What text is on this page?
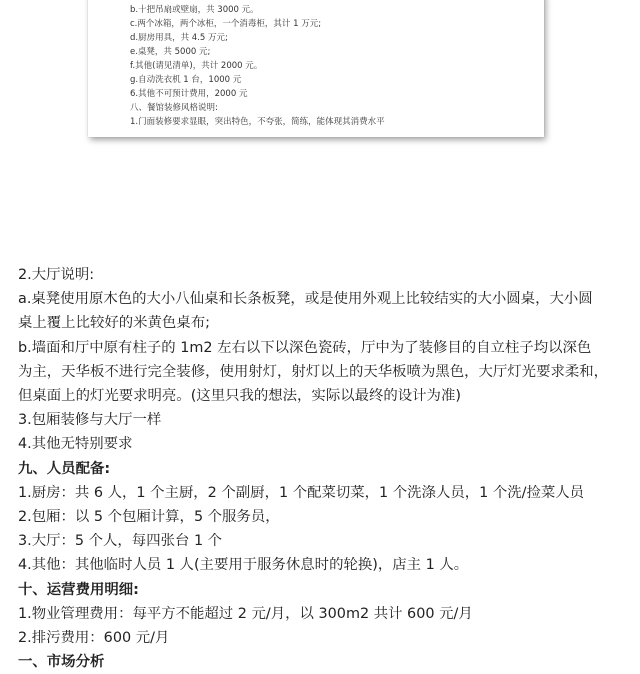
b.十把吊扇或壁扇，共 3000 元。
c.两个冰箱，两个冰柜，一个消毒柜，其计 1 万元;
d.厨房用具，共 4.5 万元;
e.桌凳，共 5000 元;
f.其他(请见清单)，共计 2000 元。
g.自动洗衣机 1 台，1000 元
6.其他不可预计费用，2000 元
八、餐馆装修风格说明:
1.门面装修要求显眼，突出特色，不夸张，简练，能体现其消费水平
2.大厅说明:
a.桌凳使用原木色的大小八仙桌和长条板凳，或是使用外观上比较结实的大小圆桌，大小圆
桌上覆上比较好的米黄色桌布;
b.墙面和厅中原有柱子的 1m2 左右以下以深色瓷砖，厅中为了装修目的自立柱子均以深色
为主，天华板不进行完全装修，使用射灯，射灯以上的天华板喷为黑色，大厅灯光要求柔和，
但桌面上的灯光要求明亮。(这里只我的想法，实际以最终的设计为准)
3.包厢装修与大厅一样
4.其他无特别要求
九、人员配备:
1.厨房：共 6 人，1 个主厨，2 个副厨，1 个配菜切菜，1 个洗涤人员，1 个洗/捡菜人员
2.包厢：以 5 个包厢计算，5 个服务员，
3.大厅：5 个人，每四张台 1 个
4.其他：其他临时人员 1 人(主要用于服务休息时的轮换)，店主 1 人。
十、运营费用明细:
1.物业管理费用：每平方不能超过 2 元/月，以 300m2 共计 600 元/月
2.排污费用：600 元/月
一、市场分析
